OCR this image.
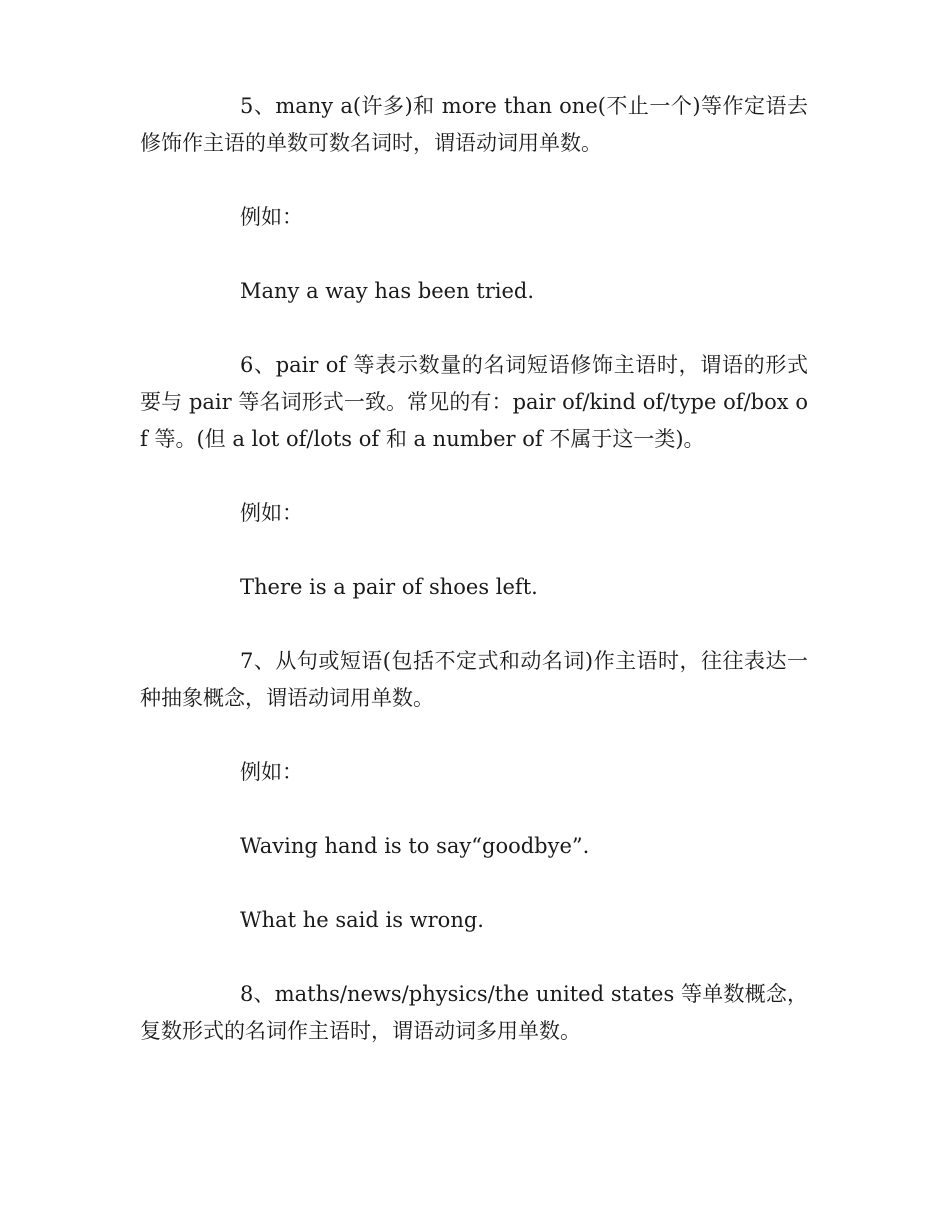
5、many a(许多)和 more than one(不止一个)等作定语去修饰作主语的单数可数名词时，谓语动词用单数。

例如：

Many a way has been tried.

6、pair of 等表示数量的名词短语修饰主语时，谓语的形式要与 pair 等名词形式一致。常见的有：pair of/kind of/type of/box of 等。(但 a lot of/lots of 和 a number of 不属于这一类)。

例如：

There is a pair of shoes left.

7、从句或短语(包括不定式和动名词)作主语时，往往表达一种抽象概念，谓语动词用单数。

例如：

Waving hand is to say“goodbye”.

What he said is wrong.

8、maths/news/physics/the united states 等单数概念，复数形式的名词作主语时，谓语动词多用单数。
